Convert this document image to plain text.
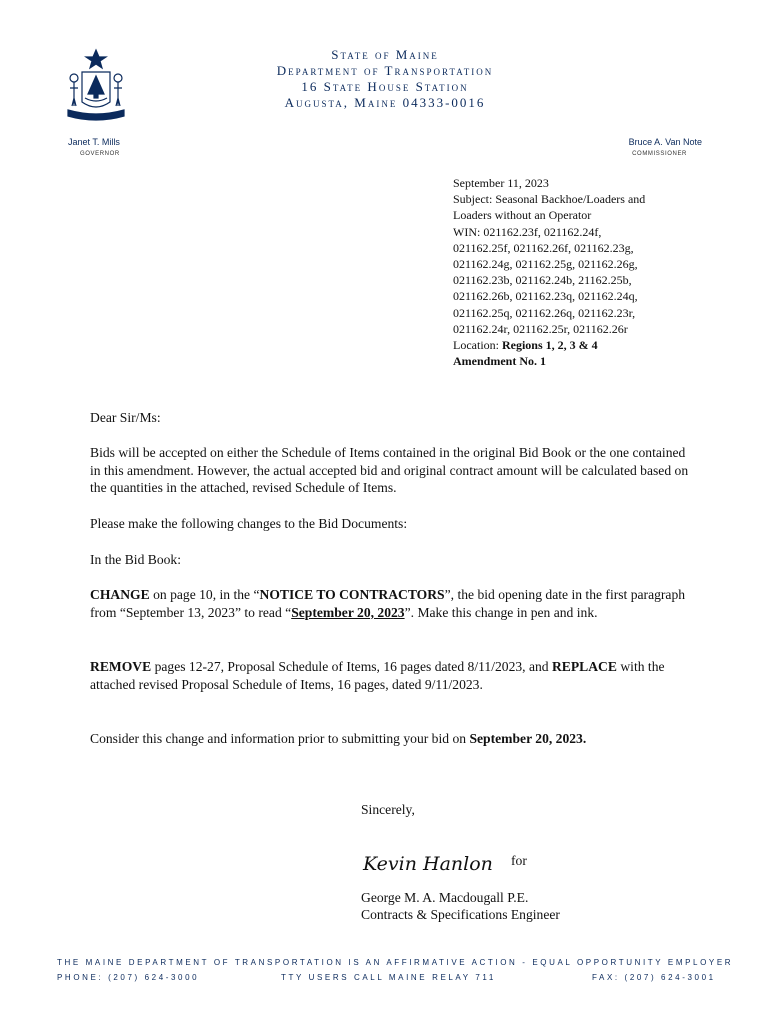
State of Maine
Department of Transportation
16 State House Station
Augusta, Maine 04333-0016
Janet T. Mills
GOVERNOR
Bruce A. Van Note
COMMISSIONER
September 11, 2023
Subject: Seasonal Backhoe/Loaders and
Loaders without an Operator
WIN: 021162.23f, 021162.24f,
021162.25f, 021162.26f, 021162.23g,
021162.24g, 021162.25g, 021162.26g,
021162.23b, 021162.24b, 21162.25b,
021162.26b, 021162.23q, 021162.24q,
021162.25q, 021162.26q, 021162.23r,
021162.24r, 021162.25r, 021162.26r
Location: Regions 1, 2, 3 & 4
Amendment No. 1
Dear Sir/Ms:
Bids will be accepted on either the Schedule of Items contained in the original Bid Book or the one contained in this amendment. However, the actual accepted bid and original contract amount will be calculated based on the quantities in the attached, revised Schedule of Items.
Please make the following changes to the Bid Documents:
In the Bid Book:
CHANGE on page 10, in the “NOTICE TO CONTRACTORS”, the bid opening date in the first paragraph from “September 13, 2023” to read “September 20, 2023”. Make this change in pen and ink.
REMOVE pages 12-27, Proposal Schedule of Items, 16 pages dated 8/11/2023, and REPLACE with the attached revised Proposal Schedule of Items, 16 pages, dated 9/11/2023.
Consider this change and information prior to submitting your bid on September 20, 2023.
Sincerely,
Kevin Hanlon for
George M. A. Macdougall P.E.
Contracts & Specifications Engineer
THE MAINE DEPARTMENT OF TRANSPORTATION IS AN AFFIRMATIVE ACTION - EQUAL OPPORTUNITY EMPLOYER
PHONE: (207) 624-3000	TTY USERS CALL MAINE RELAY 711	FAX: (207) 624-3001
